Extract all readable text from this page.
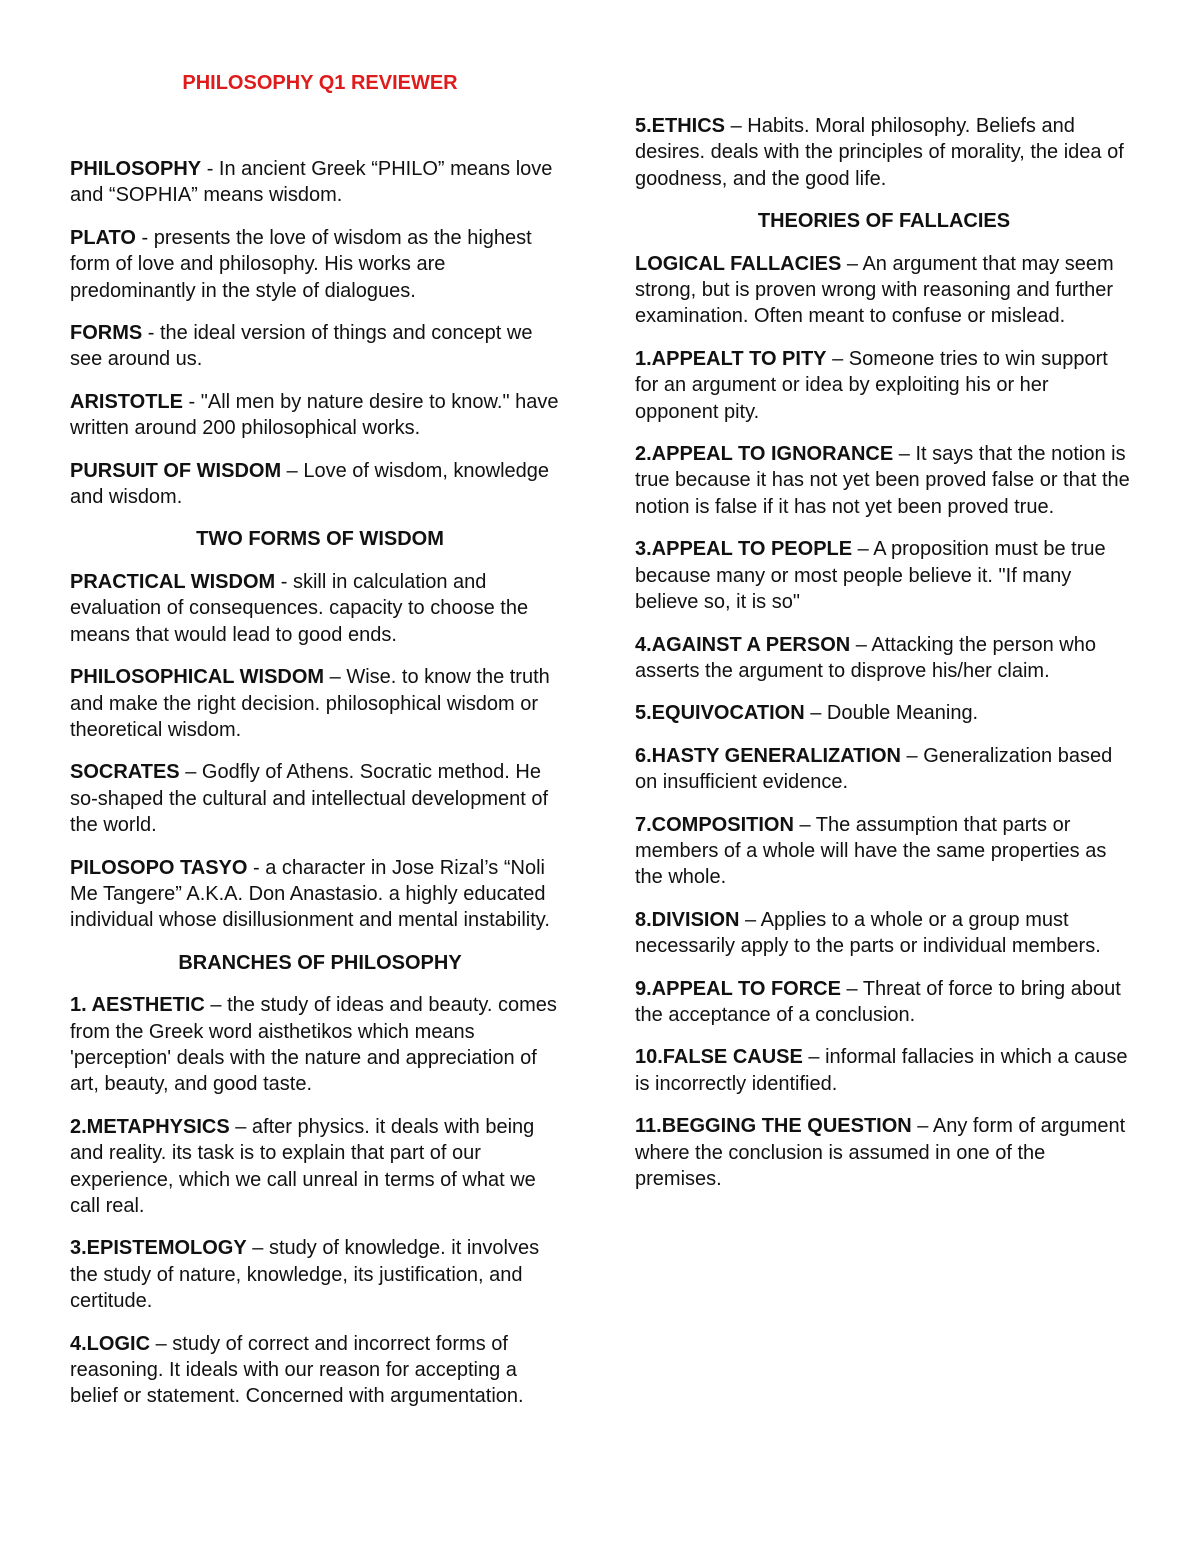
PHILOSOPHY Q1 REVIEWER

PHILOSOPHY - In ancient Greek “PHILO” means love and “SOPHIA” means wisdom.

PLATO - presents the love of wisdom as the highest form of love and philosophy. His works are predominantly in the style of dialogues.

FORMS - the ideal version of things and concept we see around us.

ARISTOTLE - "All men by nature desire to know." have written around 200 philosophical works.

PURSUIT OF WISDOM – Love of wisdom, knowledge and wisdom.

TWO FORMS OF WISDOM

PRACTICAL WISDOM - skill in calculation and evaluation of consequences. capacity to choose the means that would lead to good ends.

PHILOSOPHICAL WISDOM – Wise. to know the truth and make the right decision. philosophical wisdom or theoretical wisdom.

SOCRATES – Godfly of Athens. Socratic method. He so-shaped the cultural and intellectual development of the world.

PILOSOPO TASYO - a character in Jose Rizal’s “Noli Me Tangere” A.K.A. Don Anastasio. a highly educated individual whose disillusionment and mental instability.

BRANCHES OF PHILOSOPHY

1. AESTHETIC – the study of ideas and beauty. comes from the Greek word aisthetikos which means 'perception' deals with the nature and appreciation of art, beauty, and good taste.

2.METAPHYSICS – after physics. it deals with being and reality. its task is to explain that part of our experience, which we call unreal in terms of what we call real.

3.EPISTEMOLOGY – study of knowledge. it involves the study of nature, knowledge, its justification, and certitude.

4.LOGIC – study of correct and incorrect forms of reasoning. It ideals with our reason for accepting a belief or statement. Concerned with argumentation.

5.ETHICS – Habits. Moral philosophy. Beliefs and desires. deals with the principles of morality, the idea of goodness, and the good life.

THEORIES OF FALLACIES

LOGICAL FALLACIES – An argument that may seem strong, but is proven wrong with reasoning and further examination. Often meant to confuse or mislead.

1.APPEALT TO PITY – Someone tries to win support for an argument or idea by exploiting his or her opponent pity.

2.APPEAL TO IGNORANCE – It says that the notion is true because it has not yet been proved false or that the notion is false if it has not yet been proved true.

3.APPEAL TO PEOPLE – A proposition must be true because many or most people believe it. "If many believe so, it is so"

4.AGAINST A PERSON – Attacking the person who asserts the argument to disprove his/her claim.

5.EQUIVOCATION – Double Meaning.

6.HASTY GENERALIZATION – Generalization based on insufficient evidence.

7.COMPOSITION – The assumption that parts or members of a whole will have the same properties as the whole.

8.DIVISION – Applies to a whole or a group must necessarily apply to the parts or individual members.

9.APPEAL TO FORCE – Threat of force to bring about the acceptance of a conclusion.

10.FALSE CAUSE – informal fallacies in which a cause is incorrectly identified.

11.BEGGING THE QUESTION – Any form of argument where the conclusion is assumed in one of the premises.
